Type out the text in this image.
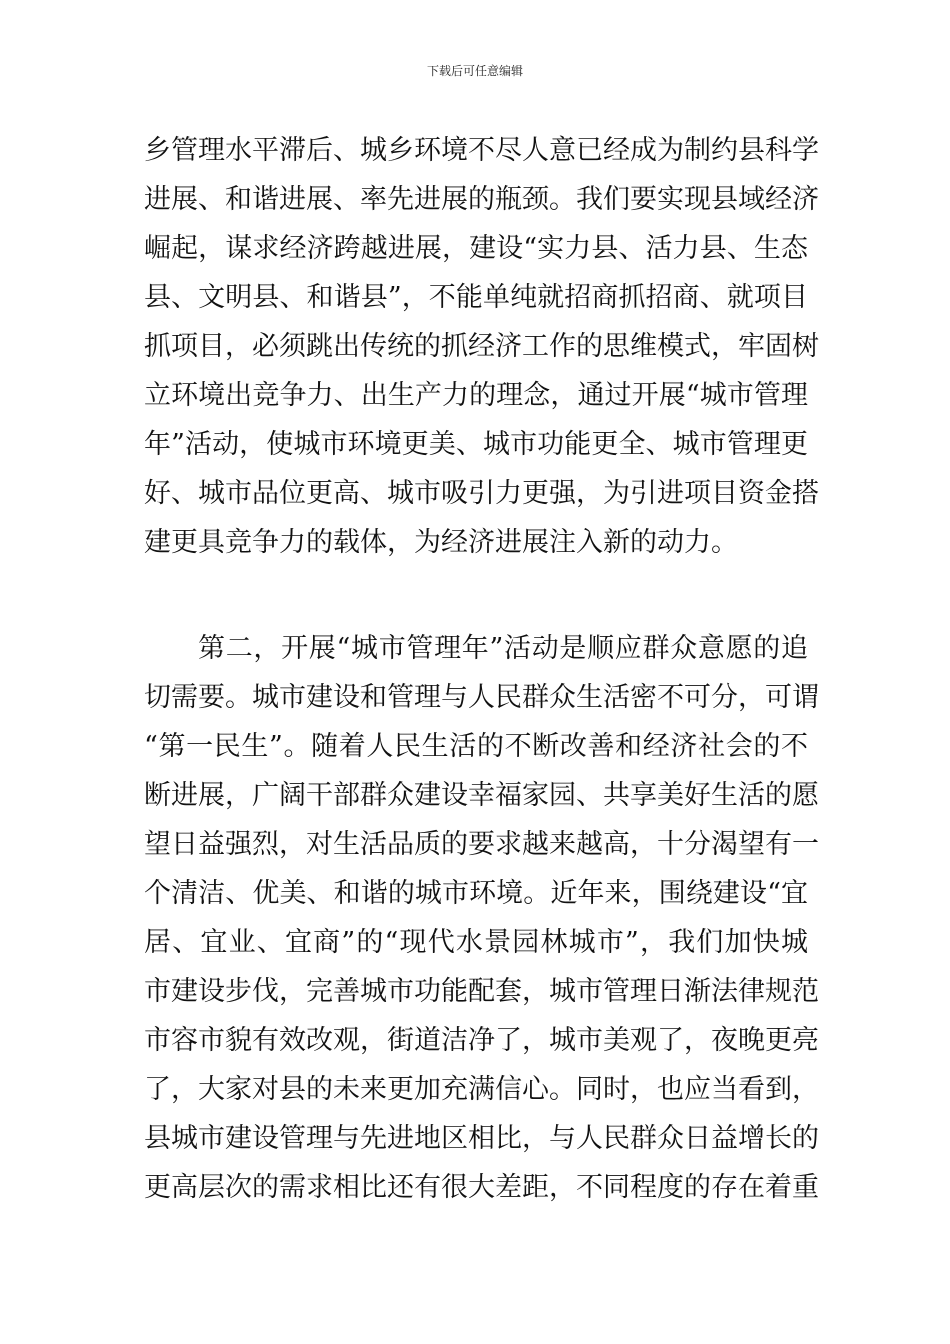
下载后可任意编辑
乡管理水平滞后、城乡环境不尽人意已经成为制约县科学
进展、和谐进展、率先进展的瓶颈。我们要实现县域经济
崛起，谋求经济跨越进展，建设“实力县、活力县、生态
县、文明县、和谐县”，不能单纯就招商抓招商、就项目
抓项目，必须跳出传统的抓经济工作的思维模式，牢固树
立环境出竞争力、出生产力的理念，通过开展“城市管理
年”活动，使城市环境更美、城市功能更全、城市管理更
好、城市品位更高、城市吸引力更强，为引进项目资金搭
建更具竞争力的载体，为经济进展注入新的动力。
第二，开展“城市管理年”活动是顺应群众意愿的追
切需要。城市建设和管理与人民群众生活密不可分，可谓
“第一民生”。随着人民生活的不断改善和经济社会的不
断进展，广阔干部群众建设幸福家园、共享美好生活的愿
望日益强烈，对生活品质的要求越来越高，十分渴望有一
个清洁、优美、和谐的城市环境。近年来，围绕建设“宜
居、宜业、宜商”的“现代水景园林城市”，我们加快城
市建设步伐，完善城市功能配套，城市管理日渐法律规范
市容市貌有效改观，街道洁净了，城市美观了，夜晚更亮
了，大家对县的未来更加充满信心。同时，也应当看到，
县城市建设管理与先进地区相比，与人民群众日益增长的
更高层次的需求相比还有很大差距，不同程度的存在着重
